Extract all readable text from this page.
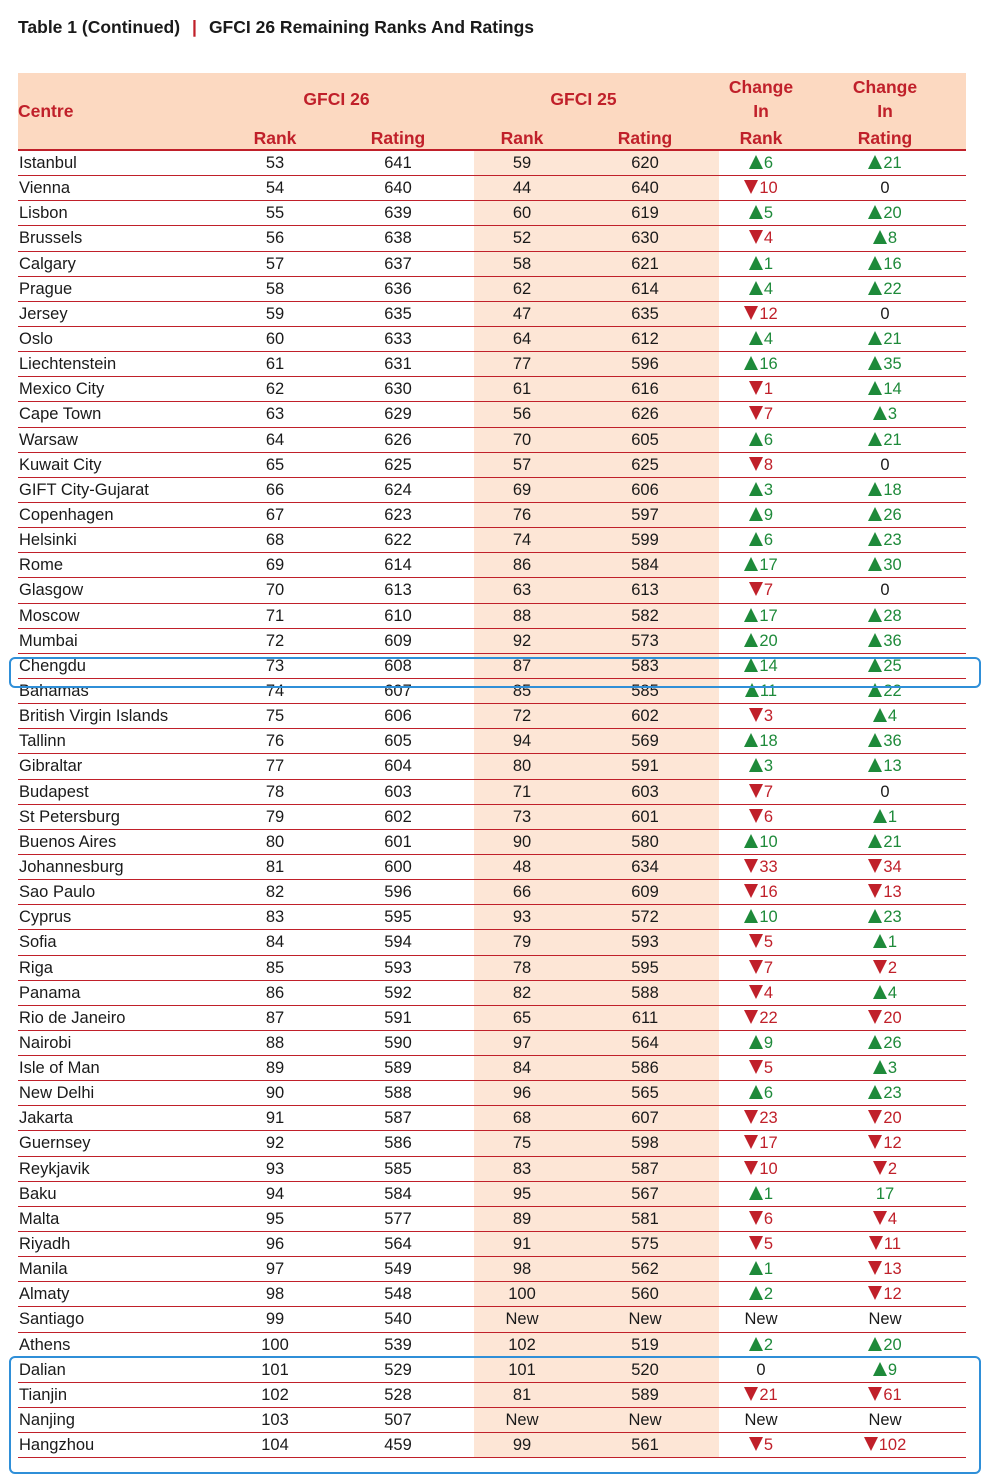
Table 1 (Continued) | GFCI 26 Remaining Ranks And Ratings
Centre
GFCI 26	GFCI 25
Change
In
Change
In
Rank	Rating	Rank	Rating	Rank	Rating
Istanbul	53	641	59	620	6	21
Vienna	54	640	44	640	10	0
Lisbon	55	639	60	619	5	20
Brussels	56	638	52	630	4	8
Calgary	57	637	58	621	1	16
Prague	58	636	62	614	4	22
Jersey	59	635	47	635	12	0
Oslo	60	633	64	612	4	21
Liechtenstein	61	631	77	596	16	35
Mexico City	62	630	61	616	1	14
Cape Town	63	629	56	626	7	3
Warsaw	64	626	70	605	6	21
Kuwait City	65	625	57	625	8	0
GIFT City-Gujarat	66	624	69	606	3	18
Copenhagen	67	623	76	597	9	26
Helsinki	68	622	74	599	6	23
Rome	69	614	86	584	17	30
Glasgow	70	613	63	613	7	0
Moscow	71	610	88	582	17	28
Mumbai	72	609	92	573	20	36
Chengdu	73	608	87	583	14	25
Bahamas	74	607	85	585	11	22
British Virgin Islands	75	606	72	602	3	4
Tallinn	76	605	94	569	18	36
Gibraltar	77	604	80	591	3	13
Budapest	78	603	71	603	7	0
St Petersburg	79	602	73	601	6	1
Buenos Aires	80	601	90	580	10	21
Johannesburg	81	600	48	634	33	34
Sao Paulo	82	596	66	609	16	13
Cyprus	83	595	93	572	10	23
Sofia	84	594	79	593	5	1
Riga	85	593	78	595	7	2
Panama	86	592	82	588	4	4
Rio de Janeiro	87	591	65	611	22	20
Nairobi	88	590	97	564	9	26
Isle of Man	89	589	84	586	5	3
New Delhi	90	588	96	565	6	23
Jakarta	91	587	68	607	23	20
Guernsey	92	586	75	598	17	12
Reykjavik	93	585	83	587	10	2
Baku	94	584	95	567	1	17
Malta	95	577	89	581	6	4
Riyadh	96	564	91	575	5	11
Manila	97	549	98	562	1	13
Almaty	98	548	100	560	2	12
Santiago	99	540	New	New	New	New
Athens	100	539	102	519	2	20
Dalian	101	529	101	520	0	9
Tianjin	102	528	81	589	21	61
Nanjing	103	507	New	New	New	New
Hangzhou	104	459	99	561	5	102
